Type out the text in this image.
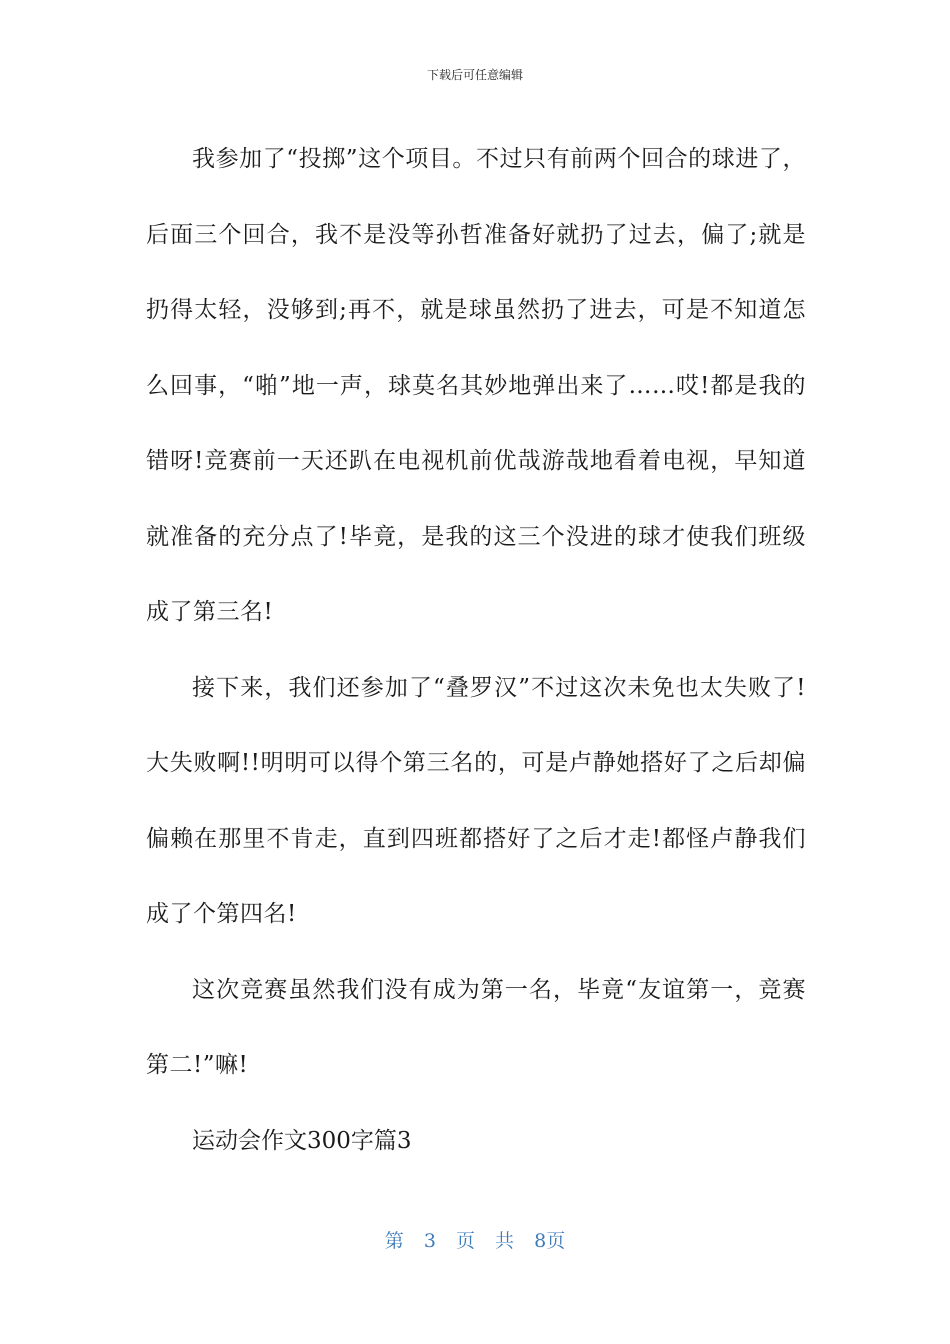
下载后可任意编辑

我参加了“投掷”这个项目。不过只有前两个回合的球进了，后面三个回合，我不是没等孙哲准备好就扔了过去，偏了;就是扔得太轻，没够到;再不，就是球虽然扔了进去，可是不知道怎么回事，“啪”地一声，球莫名其妙地弹出来了……哎!都是我的错呀!竞赛前一天还趴在电视机前优哉游哉地看着电视，早知道就准备的充分点了!毕竟，是我的这三个没进的球才使我们班级成了第三名!

接下来，我们还参加了“叠罗汉”不过这次未免也太失败了!大失败啊!!明明可以得个第三名的，可是卢静她搭好了之后却偏偏赖在那里不肯走，直到四班都搭好了之后才走!都怪卢静我们成了个第四名!

这次竞赛虽然我们没有成为第一名，毕竟“友谊第一，竞赛第二!”嘛!

运动会作文300字篇3

第 3 页 共 8页
